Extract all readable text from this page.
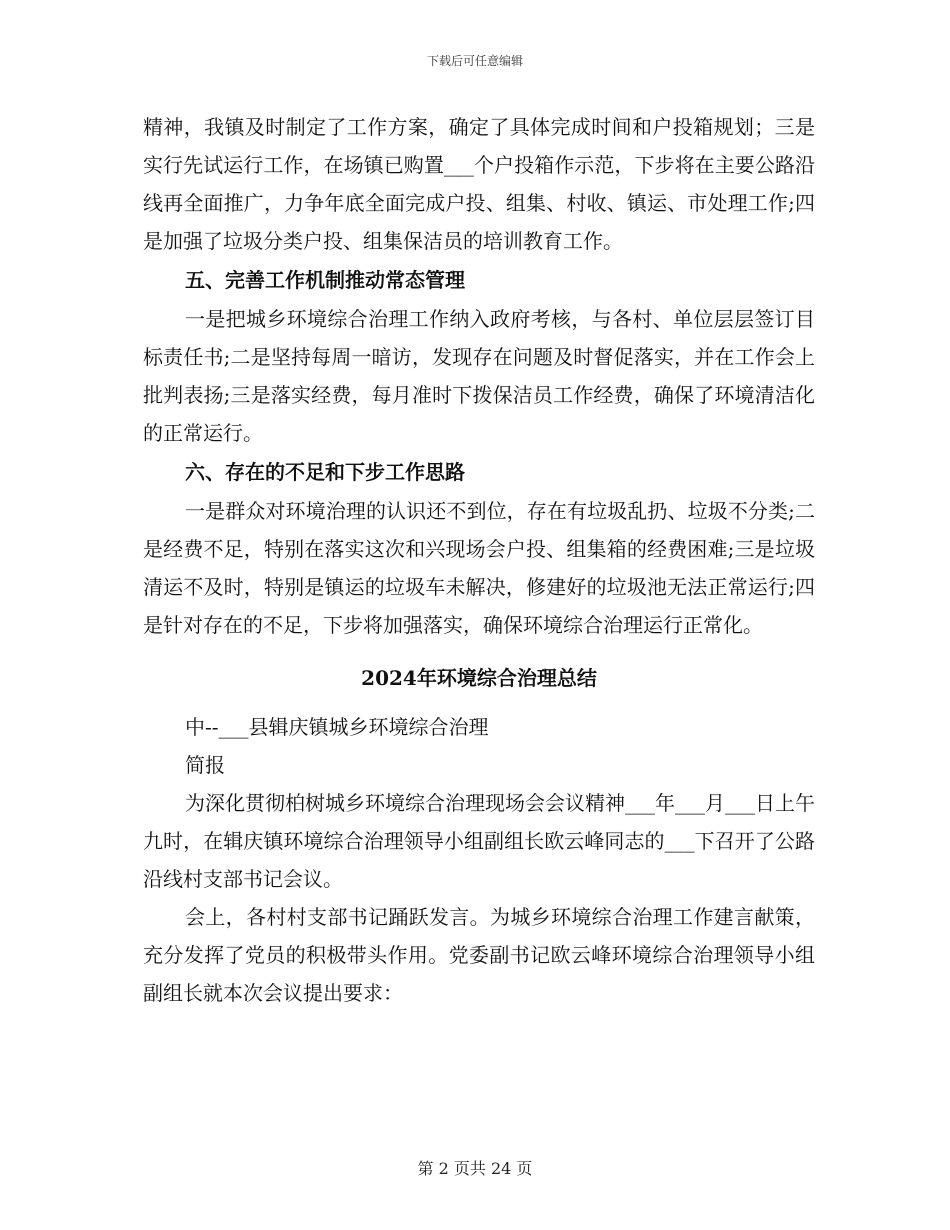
下载后可任意编辑

精神，我镇及时制定了工作方案，确定了具体完成时间和户投箱规划；三是实行先试运行工作，在场镇已购置___个户投箱作示范，下步将在主要公路沿线再全面推广，力争年底全面完成户投、组集、村收、镇运、市处理工作;四是加强了垃圾分类户投、组集保洁员的培训教育工作。

五、完善工作机制推动常态管理

一是把城乡环境综合治理工作纳入政府考核，与各村、单位层层签订目标责任书;二是坚持每周一暗访，发现存在问题及时督促落实，并在工作会上批判表扬;三是落实经费，每月准时下拨保洁员工作经费，确保了环境清洁化的正常运行。

六、存在的不足和下步工作思路

一是群众对环境治理的认识还不到位，存在有垃圾乱扔、垃圾不分类;二是经费不足，特别在落实这次和兴现场会户投、组集箱的经费困难;三是垃圾清运不及时，特别是镇运的垃圾车未解决，修建好的垃圾池无法正常运行;四是针对存在的不足，下步将加强落实，确保环境综合治理运行正常化。

2024年环境综合治理总结

中--___县辑庆镇城乡环境综合治理

简报

为深化贯彻柏树城乡环境综合治理现场会会议精神___年___月___日上午九时，在辑庆镇环境综合治理领导小组副组长欧云峰同志的___下召开了公路沿线村支部书记会议。

会上，各村村支部书记踊跃发言。为城乡环境综合治理工作建言献策，充分发挥了党员的积极带头作用。党委副书记欧云峰环境综合治理领导小组副组长就本次会议提出要求：

第 2 页共 24 页
